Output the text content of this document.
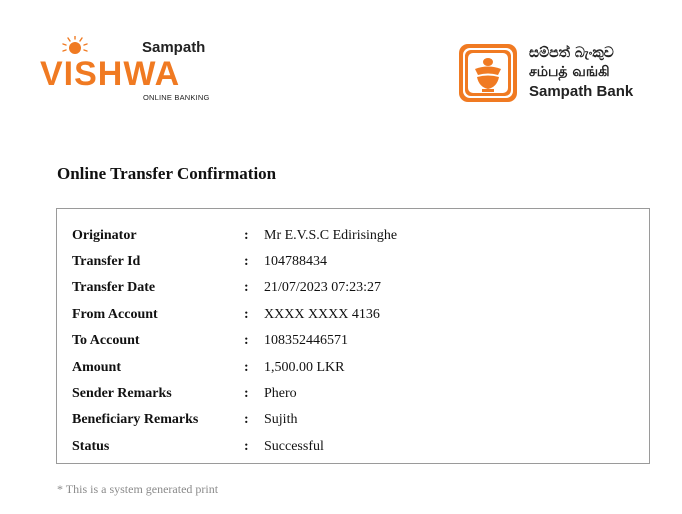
Sampath
VISHWA
ONLINE BANKING
සම්පත් බැංකුව
சம்பத் வங்கி
Sampath Bank
Online Transfer Confirmation
Originator	: Mr E.V.S.C Edirisinghe
Transfer Id	: 104788434
Transfer Date	: 21/07/2023 07:23:27
From Account	: XXXX XXXX 4136
To Account	: 108352446571
Amount	: 1,500.00 LKR
Sender Remarks	: Phero
Beneficiary Remarks	: Sujith
Status	: Successful
* This is a system generated print
